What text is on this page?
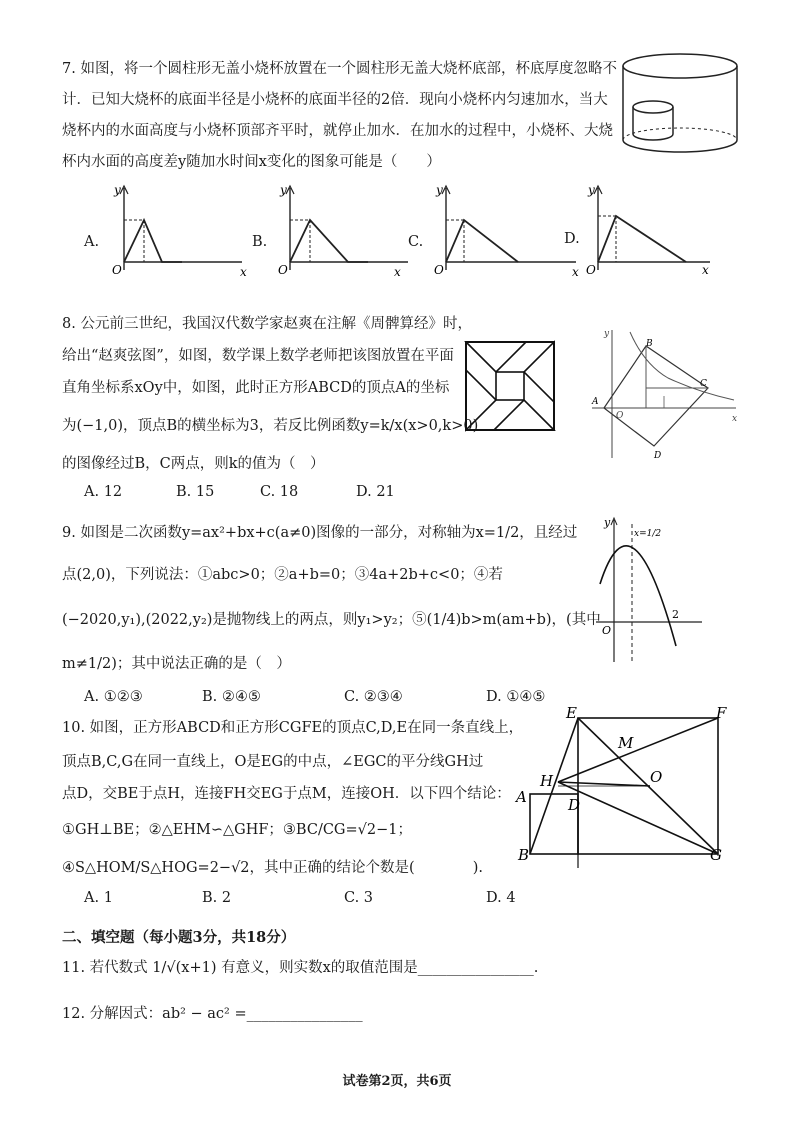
7. 如图，将一个圆柱形无盖小烧杯放置在一个圆柱形无盖大烧杯底部，杯底厚度忽略不
计．已知大烧杯的底面半径是小烧杯的底面半径的2倍．现向小烧杯内匀速加水，当大
烧杯内的水面高度与小烧杯顶部齐平时，就停止加水．在加水的过程中，小烧杯、大烧
杯内水面的高度差y随加水时间x变化的图象可能是（　　）
A.
y
x
O
B.
y
x
O
C.
y
x
O
D.
y
x
O
8. 公元前三世纪，我国汉代数学家赵爽在注解《周髀算经》时，
给出“赵爽弦图”，如图，数学课上数学老师把该图放置在平面
直角坐标系xOy中，如图，此时正方形ABCD的顶点A的坐标
为(−1,0)，顶点B的横坐标为3，若反比例函数y=k/x(x>0,k>0)
的图像经过B，C两点，则k的值为（　）
A. 12	B. 15	C. 18	D. 21
x
y
O
A
B
C
D
9. 如图是二次函数y=ax²+bx+c(a≠0)图像的一部分，对称轴为x=1/2，且经过
点(2,0)，下列说法：①abc>0；②a+b=0；③4a+2b+c<0；④若
(−2020,y₁),(2022,y₂)是抛物线上的两点，则y₁>y₂；⑤(1/4)b>m(am+b)，(其中
m≠1/2)；其中说法正确的是（　）
A. ①②③	B. ②④⑤	C. ②③④	D. ①④⑤
y
O
x=1/2
2
10. 如图，正方形ABCD和正方形CGFE的顶点C,D,E在同一条直线上，
顶点B,C,G在同一直线上，O是EG的中点，∠EGC的平分线GH过
点D，交BE于点H，连接FH交EG于点M，连接OH．以下四个结论：
①GH⊥BE；②△EHM∽△GHF；③BC/CG=√2−1；
④S△HOM/S△HOG=2−√2，其中正确的结论个数是(　　　　).
A. 1	B. 2	C. 3	D. 4
E	F
M
O
H
A	D
B	G
二、填空题（每小题3分，共18分）
11. 若代数式 1/√(x+1) 有意义，则实数x的取值范围是________________.
12. 分解因式：ab² − ac² =________________
试卷第2页，共6页
